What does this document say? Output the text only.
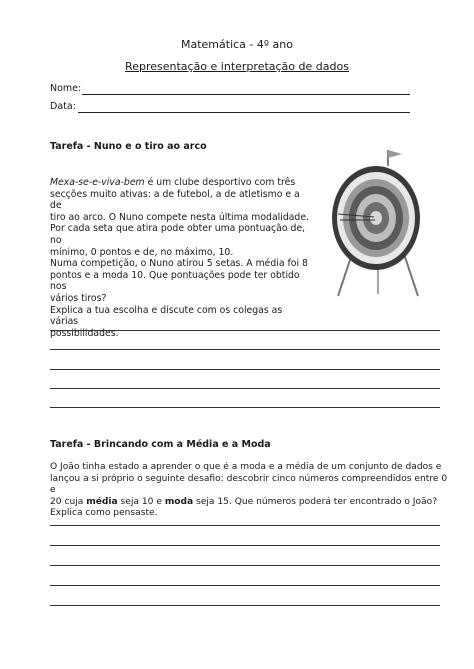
Matemática - 4º ano
Representação e interpretação de dados
Nome:
Data:
Tarefa - Nuno e o tiro ao arco

Mexa-se-e-viva-bem é um clube desportivo com três

secções muito ativas: a de futebol, a de atletismo e a de

tiro ao arco. O Nuno compete nesta última modalidade.

Por cada seta que atira pode obter uma pontuação de, no

mínimo, 0 pontos e de, no máximo, 10.

Numa competição, o Nuno atirou 5 setas. A média foi 8

pontos e a moda 10. Que pontuações pode ter obtido nos

vários tiros?

Explica a tua escolha e discute com os colegas as várias

possibilidades.

Tarefa - Brincando com a Média e a Moda

O João tinha estado a aprender o que é a moda e a média de um conjunto de dados e

lançou a si próprio o seguinte desafio: descobrir cinco números compreendidos entre 0 e

20 cuja média seja 10 e moda seja 15. Que números poderá ter encontrado o João?

Explica como pensaste.
